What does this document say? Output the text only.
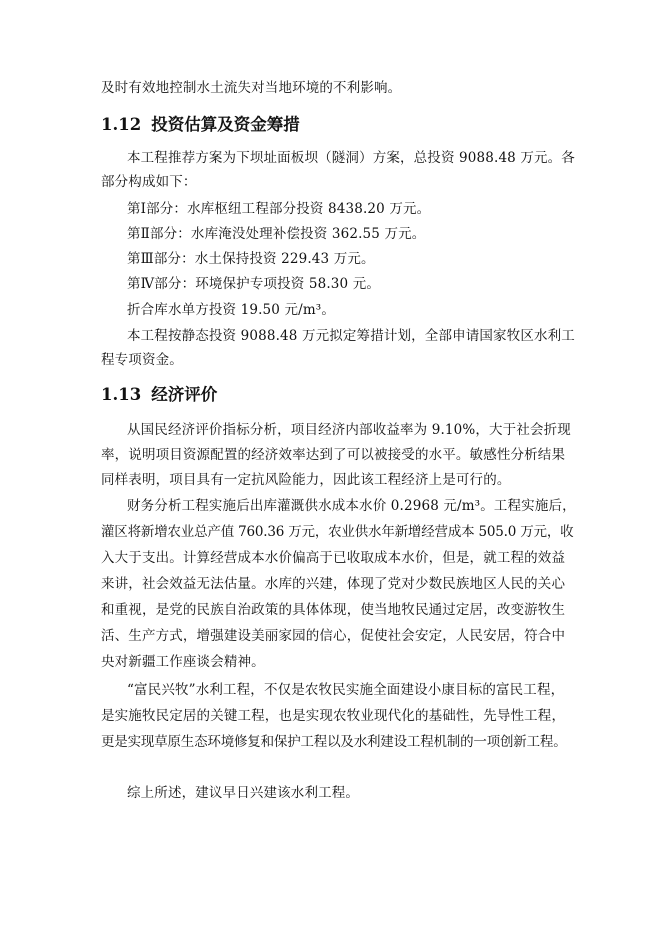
及时有效地控制水土流失对当地环境的不利影响。
1.12 投资估算及资金筹措
本工程推荐方案为下坝址面板坝（隧洞）方案，总投资 9088.48 万元。各
部分构成如下：
第Ⅰ部分：水库枢纽工程部分投资 8438.20 万元。
第Ⅱ部分：水库淹没处理补偿投资 362.55 万元。
第Ⅲ部分：水土保持投资 229.43 万元。
第Ⅳ部分：环境保护专项投资 58.30 元。
折合库水单方投资 19.50 元/m³。
本工程按静态投资 9088.48 万元拟定筹措计划，全部申请国家牧区水利工
程专项资金。
1.13 经济评价
从国民经济评价指标分析，项目经济内部收益率为 9.10%，大于社会折现
率，说明项目资源配置的经济效率达到了可以被接受的水平。敏感性分析结果
同样表明，项目具有一定抗风险能力，因此该工程经济上是可行的。
财务分析工程实施后出库灌溉供水成本水价 0.2968 元/m³。工程实施后，
灌区将新增农业总产值 760.36 万元，农业供水年新增经营成本 505.0 万元，收
入大于支出。计算经营成本水价偏高于已收取成本水价，但是，就工程的效益
来讲，社会效益无法估量。水库的兴建，体现了党对少数民族地区人民的关心
和重视，是党的民族自治政策的具体体现，使当地牧民通过定居，改变游牧生
活、生产方式，增强建设美丽家园的信心，促使社会安定，人民安居，符合中
央对新疆工作座谈会精神。
“富民兴牧”水利工程，不仅是农牧民实施全面建设小康目标的富民工程，
是实施牧民定居的关键工程，也是实现农牧业现代化的基础性，先导性工程，
更是实现草原生态环境修复和保护工程以及水利建设工程机制的一项创新工程。
综上所述，建议早日兴建该水利工程。
